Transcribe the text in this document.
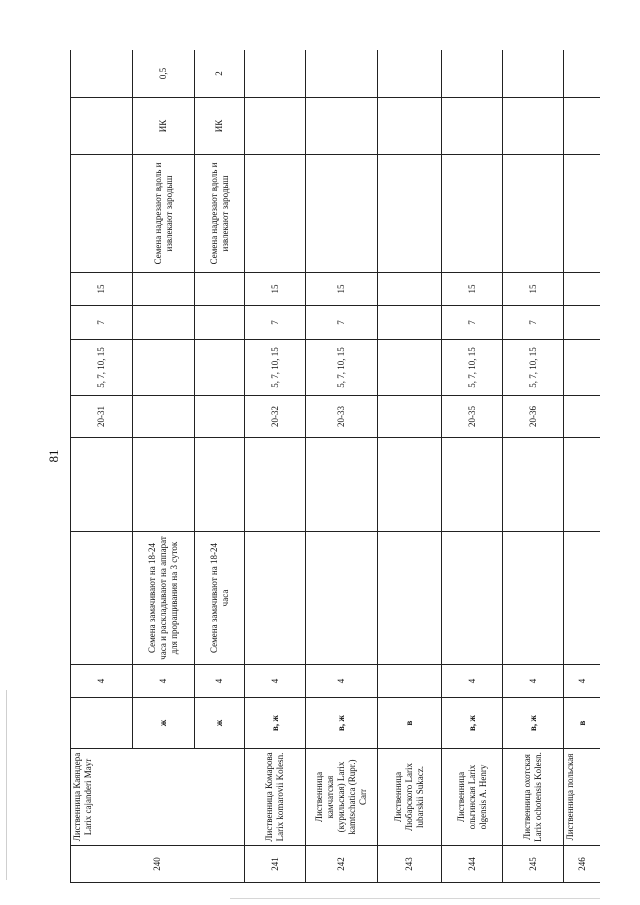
81
240	Лиственница Каяндера Larix cajanderi Mayr		4			20-31	5, 7, 10, 15	7	15			
		ж	4	Семена замачивают на 18-24 часа и раскладывают на аппарат для проращивания на 3 суток						Семена надрезают вдоль и извлекают зародыш	ИК	0,5
		ж	4	Семена замачивают на 18-24 часа						Семена надрезают вдоль и извлекают зародыш	ИК	2
241	Лиственница Комарова Larix komarovii Kolesn.	в, ж	4			20-32	5, 7, 10, 15	7	15			
242	Лиственница камчатская (курильская) Larix kamtschatica (Rupr.) Carr	в, ж	4			20-33	5, 7, 10, 15	7	15			
243	Лиственница Любарского Larix lubarskii Sukacz.	в										
244	Лиственница ольгинская Larix olgensis A. Henry	в, ж	4			20-35	5, 7, 10, 15	7	15			
245	Лиственница охотская Larix ochotensis Kolesn.	в, ж	4			20-36	5, 7, 10, 15	7	15			
246	Лиственница польская	в	4									
